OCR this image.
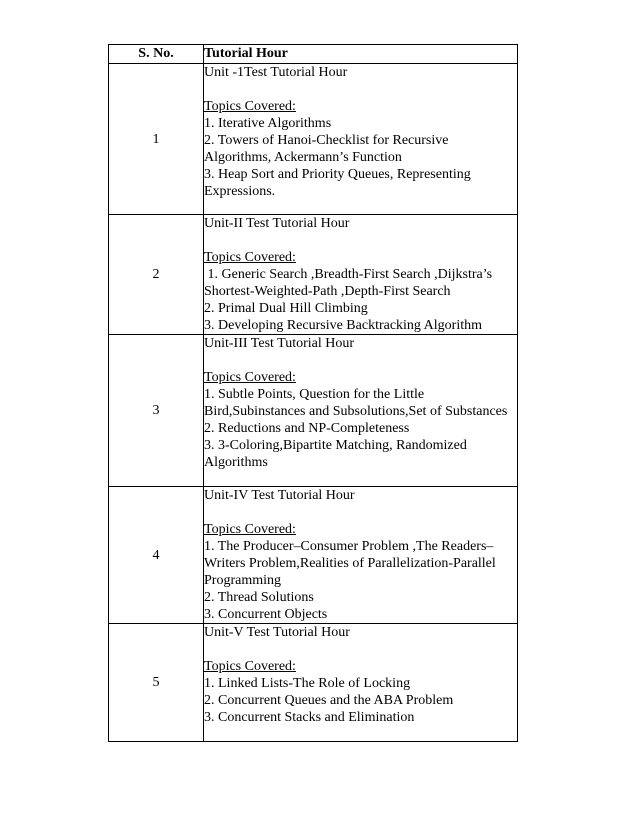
S. No.	Tutorial Hour
1	Unit -1Test Tutorial Hour
Topics Covered:
1. Iterative Algorithms
2. Towers of Hanoi-Checklist for Recursive Algorithms, Ackermann’s Function
3. Heap Sort and Priority Queues, Representing Expressions.

2	Unit-II Test Tutorial Hour
Topics Covered:
1. Generic Search ,Breadth-First Search ,Dijkstra’s Shortest-Weighted-Path ,Depth-First Search
2. Primal Dual Hill Climbing
3. Developing Recursive Backtracking Algorithm

3	Unit-III Test Tutorial Hour
Topics Covered:
1. Subtle Points, Question for the Little Bird,Subinstances and Subsolutions,Set of Substances
2. Reductions and NP-Completeness
3. 3-Coloring,Bipartite Matching, Randomized Algorithms

4	Unit-IV Test Tutorial Hour
Topics Covered:
1. The Producer–Consumer Problem ,The Readers–Writers Problem,Realities of Parallelization-Parallel Programming
2. Thread Solutions
3. Concurrent Objects

5	Unit-V Test Tutorial Hour
Topics Covered:
1. Linked Lists-The Role of Locking
2. Concurrent Queues and the ABA Problem
3. Concurrent Stacks and Elimination
